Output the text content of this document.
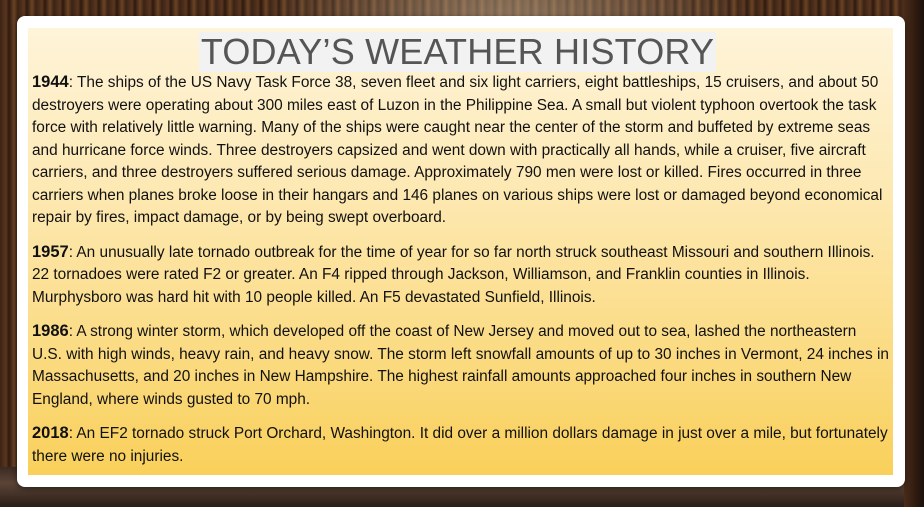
TODAY’S WEATHER HISTORY

1944: The ships of the US Navy Task Force 38, seven fleet and six light carriers, eight battleships, 15 cruisers, and about 50 destroyers were operating about 300 miles east of Luzon in the Philippine Sea. A small but violent typhoon overtook the task force with relatively little warning. Many of the ships were caught near the center of the storm and buffeted by extreme seas and hurricane force winds. Three destroyers capsized and went down with practically all hands, while a cruiser, five aircraft carriers, and three destroyers suffered serious damage. Approximately 790 men were lost or killed. Fires occurred in three carriers when planes broke loose in their hangars and 146 planes on various ships were lost or damaged beyond economical repair by fires, impact damage, or by being swept overboard.

1957: An unusually late tornado outbreak for the time of year for so far north struck southeast Missouri and southern Illinois. 22 tornadoes were rated F2 or greater. An F4 ripped through Jackson, Williamson, and Franklin counties in Illinois. Murphysboro was hard hit with 10 people killed. An F5 devastated Sunfield, Illinois.

1986: A strong winter storm, which developed off the coast of New Jersey and moved out to sea, lashed the northeastern U.S. with high winds, heavy rain, and heavy snow. The storm left snowfall amounts of up to 30 inches in Vermont, 24 inches in Massachusetts, and 20 inches in New Hampshire. The highest rainfall amounts approached four inches in southern New England, where winds gusted to 70 mph.

2018: An EF2 tornado struck Port Orchard, Washington. It did over a million dollars damage in just over a mile, but fortunately there were no injuries.
